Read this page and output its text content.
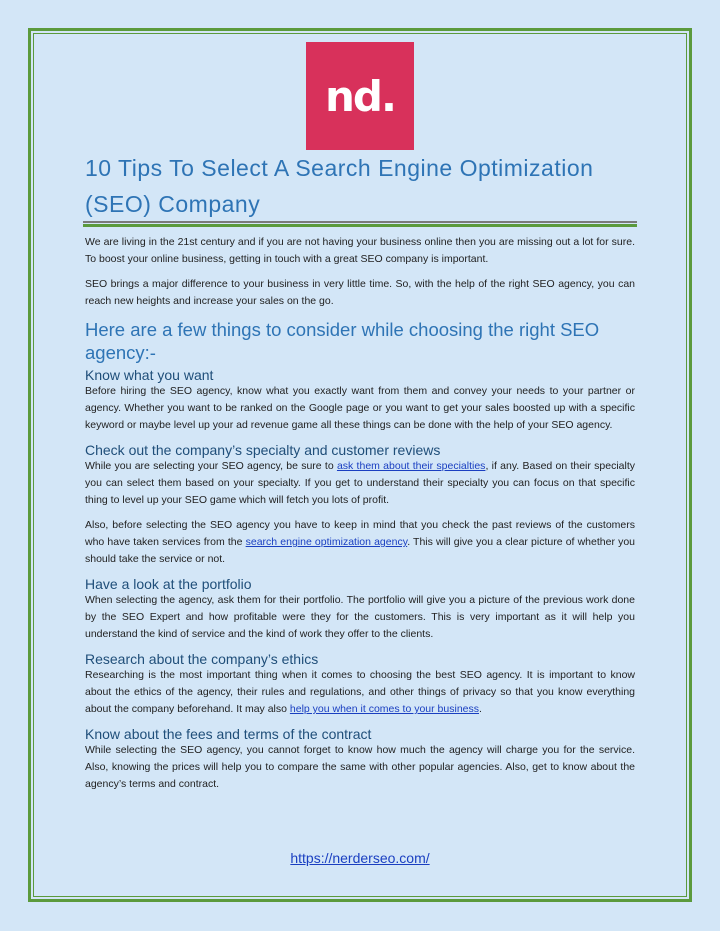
nd .
10 Tips To Select A Search Engine Optimization (SEO) Company

We are living in the 21st century and if you are not having your business online then you are missing out a lot for sure. To boost your online business, getting in touch with a great SEO company is important.

SEO brings a major difference to your business in very little time. So, with the help of the right SEO agency, you can reach new heights and increase your sales on the go.

Here are a few things to consider while choosing the right SEO agency:-
Know what you want

Before hiring the SEO agency, know what you exactly want from them and convey your needs to your partner or agency. Whether you want to be ranked on the Google page or you want to get your sales boosted up with a specific keyword or maybe level up your ad revenue game all these things can be done with the help of your SEO agency.

Check out the company’s specialty and customer reviews

While you are selecting your SEO agency, be sure to ask them about their specialties, if any. Based on their specialty you can select them based on your specialty. If you get to understand their specialty you can focus on that specific thing to level up your SEO game which will fetch you lots of profit.

Also, before selecting the SEO agency you have to keep in mind that you check the past reviews of the customers who have taken services from the search engine optimization agency. This will give you a clear picture of whether you should take the service or not.

Have a look at the portfolio

When selecting the agency, ask them for their portfolio. The portfolio will give you a picture of the previous work done by the SEO Expert and how profitable were they for the customers. This is very important as it will help you understand the kind of service and the kind of work they offer to the clients.

Research about the company’s ethics

Researching is the most important thing when it comes to choosing the best SEO agency. It is important to know about the ethics of the agency, their rules and regulations, and other things of privacy so that you know everything about the company beforehand. It may also help you when it comes to your business.

Know about the fees and terms of the contract

While selecting the SEO agency, you cannot forget to know how much the agency will charge you for the service. Also, knowing the prices will help you to compare the same with other popular agencies. Also, get to know about the agency’s terms and contract.

https://nerderseo.com/
